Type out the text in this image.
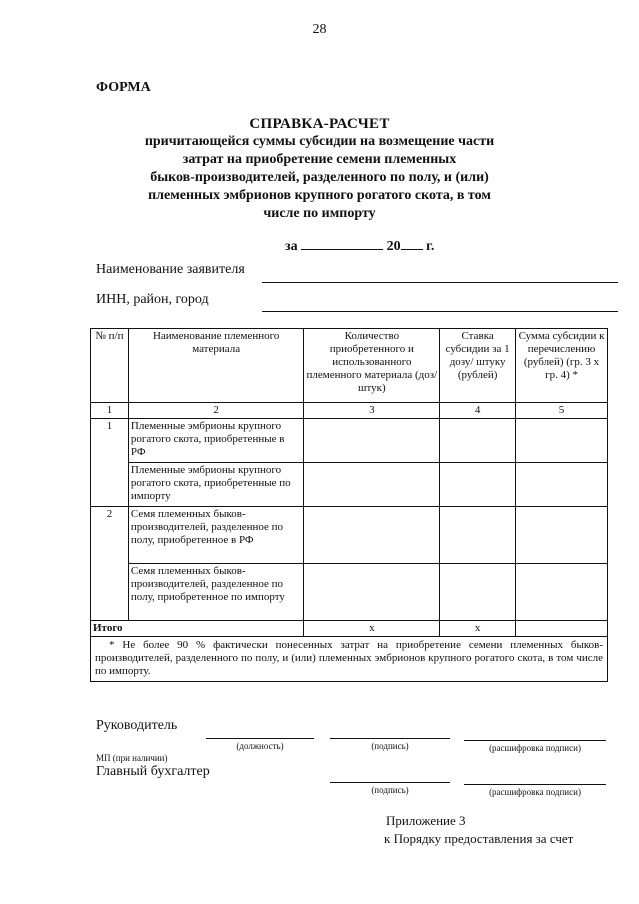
28
ФОРМА
СПРАВКА-РАСЧЕТ
причитающейся суммы субсидии на возмещение части
затрат на приобретение семени племенных
быков-производителей, разделенного по полу, и (или)
племенных эмбрионов крупного рогатого скота, в том
числе по импорту
за	20 г.
Наименование заявителя
ИНН, район, город
№ п/п	Наименование племенного материала	Количество приобретенного и использованного племенного материала (доз/штук)	Ставка субсидии за 1 дозу/ штуку (рублей)	Сумма субсидии к перечислению (рублей) (гр. 3 х гр. 4) *
1	2	3	4	5
1	Племенные эмбрионы крупного рогатого скота, приобретенные в РФ			
	Племенные эмбрионы крупного рогатого скота, приобретенные по импорту			
2	Семя племенных быков-производителей, разделенное по полу, приобретенное в РФ			
	Семя племенных быков-производителей, разделенное по полу, приобретенное по импорту			
Итого		х	х	
* Не более 90 % фактически понесенных затрат на приобретение семени племенных быков-производителей, разделенного по полу, и (или) племенных эмбрионов крупного рогатого скота, в том числе по импорту.				
Руководитель
(должность)	(подпись)	(расшифровка подписи)
МП (при наличии)
Главный бухгалтер
(подпись)	(расшифровка подписи)
Приложение 3
к Порядку предоставления за счет
